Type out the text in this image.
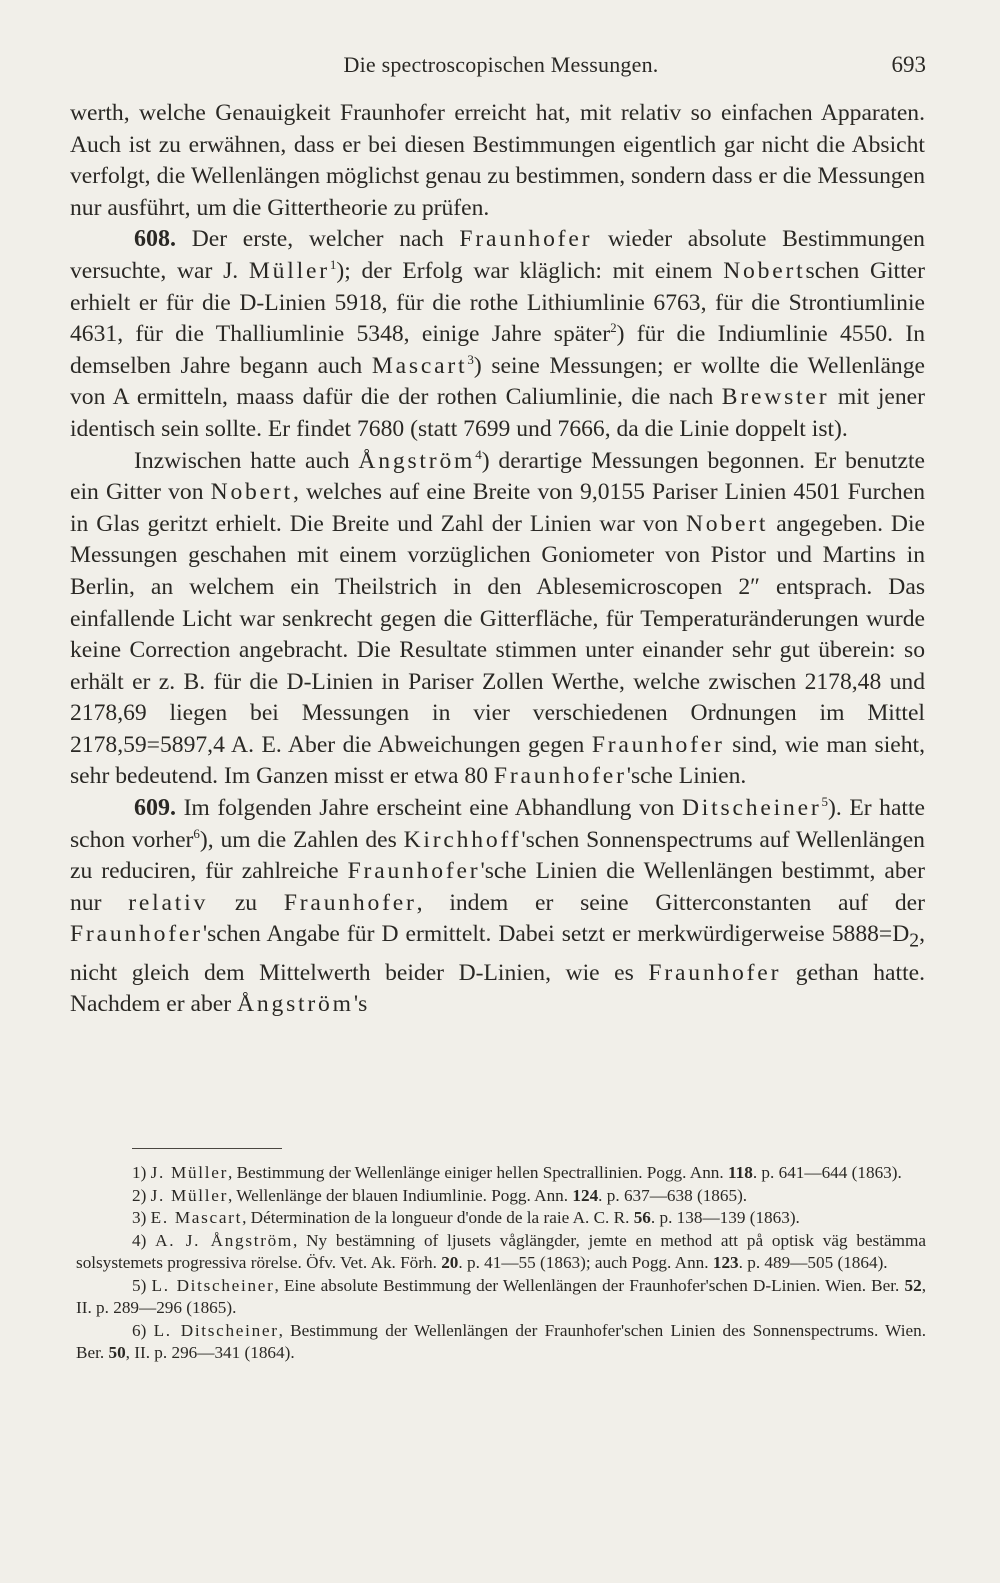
Die spectroscopischen Messungen.	693

werth, welche Genauigkeit Fraunhofer erreicht hat, mit relativ so einfachen Apparaten. Auch ist zu erwähnen, dass er bei diesen Bestimmungen eigentlich gar nicht die Absicht verfolgt, die Wellenlängen möglichst genau zu bestimmen, sondern dass er die Messungen nur ausführt, um die Gittertheorie zu prüfen.

608. Der erste, welcher nach Fraunhofer wieder absolute Bestimmungen versuchte, war J. Müller$^1$); der Erfolg war kläglich: mit einem Nobertschen Gitter erhielt er für die D-Linien 5918, für die rothe Lithiumlinie 6763, für die Strontiumlinie 4631, für die Thalliumlinie 5348, einige Jahre später$^2$) für die Indiumlinie 4550. In demselben Jahre begann auch Mascart$^3$) seine Messungen; er wollte die Wellenlänge von A ermitteln, maass dafür die der rothen Caliumlinie, die nach Brewster mit jener identisch sein sollte. Er findet 7680 (statt 7699 und 7666, da die Linie doppelt ist).

Inzwischen hatte auch Ångström$^4$) derartige Messungen begonnen. Er benutzte ein Gitter von Nobert, welches auf eine Breite von 9,0155 Pariser Linien 4501 Furchen in Glas geritzt erhielt. Die Breite und Zahl der Linien war von Nobert angegeben. Die Messungen geschahen mit einem vorzüglichen Goniometer von Pistor und Martins in Berlin, an welchem ein Theilstrich in den Ablesemicroscopen 2″ entsprach. Das einfallende Licht war senkrecht gegen die Gitterfläche, für Temperaturänderungen wurde keine Correction angebracht. Die Resultate stimmen unter einander sehr gut überein: so erhält er z. B. für die D-Linien in Pariser Zollen Werthe, welche zwischen 2178,48 und 2178,69 liegen bei Messungen in vier verschiedenen Ordnungen im Mittel 2178,59=5897,4 A. E. Aber die Abweichungen gegen Fraunhofer sind, wie man sieht, sehr bedeutend. Im Ganzen misst er etwa 80 Fraunhofer'sche Linien.

609. Im folgenden Jahre erscheint eine Abhandlung von Ditscheiner$^5$). Er hatte schon vorher$^6$), um die Zahlen des Kirchhoff'schen Sonnenspectrums auf Wellenlängen zu reduciren, für zahlreiche Fraunhofer'sche Linien die Wellenlängen bestimmt, aber nur relativ zu Fraunhofer, indem er seine Gitterconstanten auf der Fraunhofer'schen Angabe für D ermittelt. Dabei setzt er merkwürdigerweise $5888=D_2$, nicht gleich dem Mittelwerth beider D-Linien, wie es Fraunhofer gethan hatte. Nachdem er aber Ångström's

1) J. Müller, Bestimmung der Wellenlänge einiger hellen Spectrallinien. Pogg. Ann. 118. p. 641—644 (1863).

2) J. Müller, Wellenlänge der blauen Indiumlinie. Pogg. Ann. 124. p. 637—638 (1865).

3) E. Mascart, Détermination de la longueur d'onde de la raie A. C. R. 56. p. 138—139 (1863).

4) A. J. Ångström, Ny bestämning of ljusets våglängder, jemte en method att på optisk väg bestämma solsystemets progressiva rörelse. Öfv. Vet. Ak. Förh. 20. p. 41—55 (1863); auch Pogg. Ann. 123. p. 489—505 (1864).

5) L. Ditscheiner, Eine absolute Bestimmung der Wellenlängen der Fraunhofer'schen D-Linien. Wien. Ber. 52, II. p. 289—296 (1865).

6) L. Ditscheiner, Bestimmung der Wellenlängen der Fraunhofer'schen Linien des Sonnenspectrums. Wien. Ber. 50, II. p. 296—341 (1864).
